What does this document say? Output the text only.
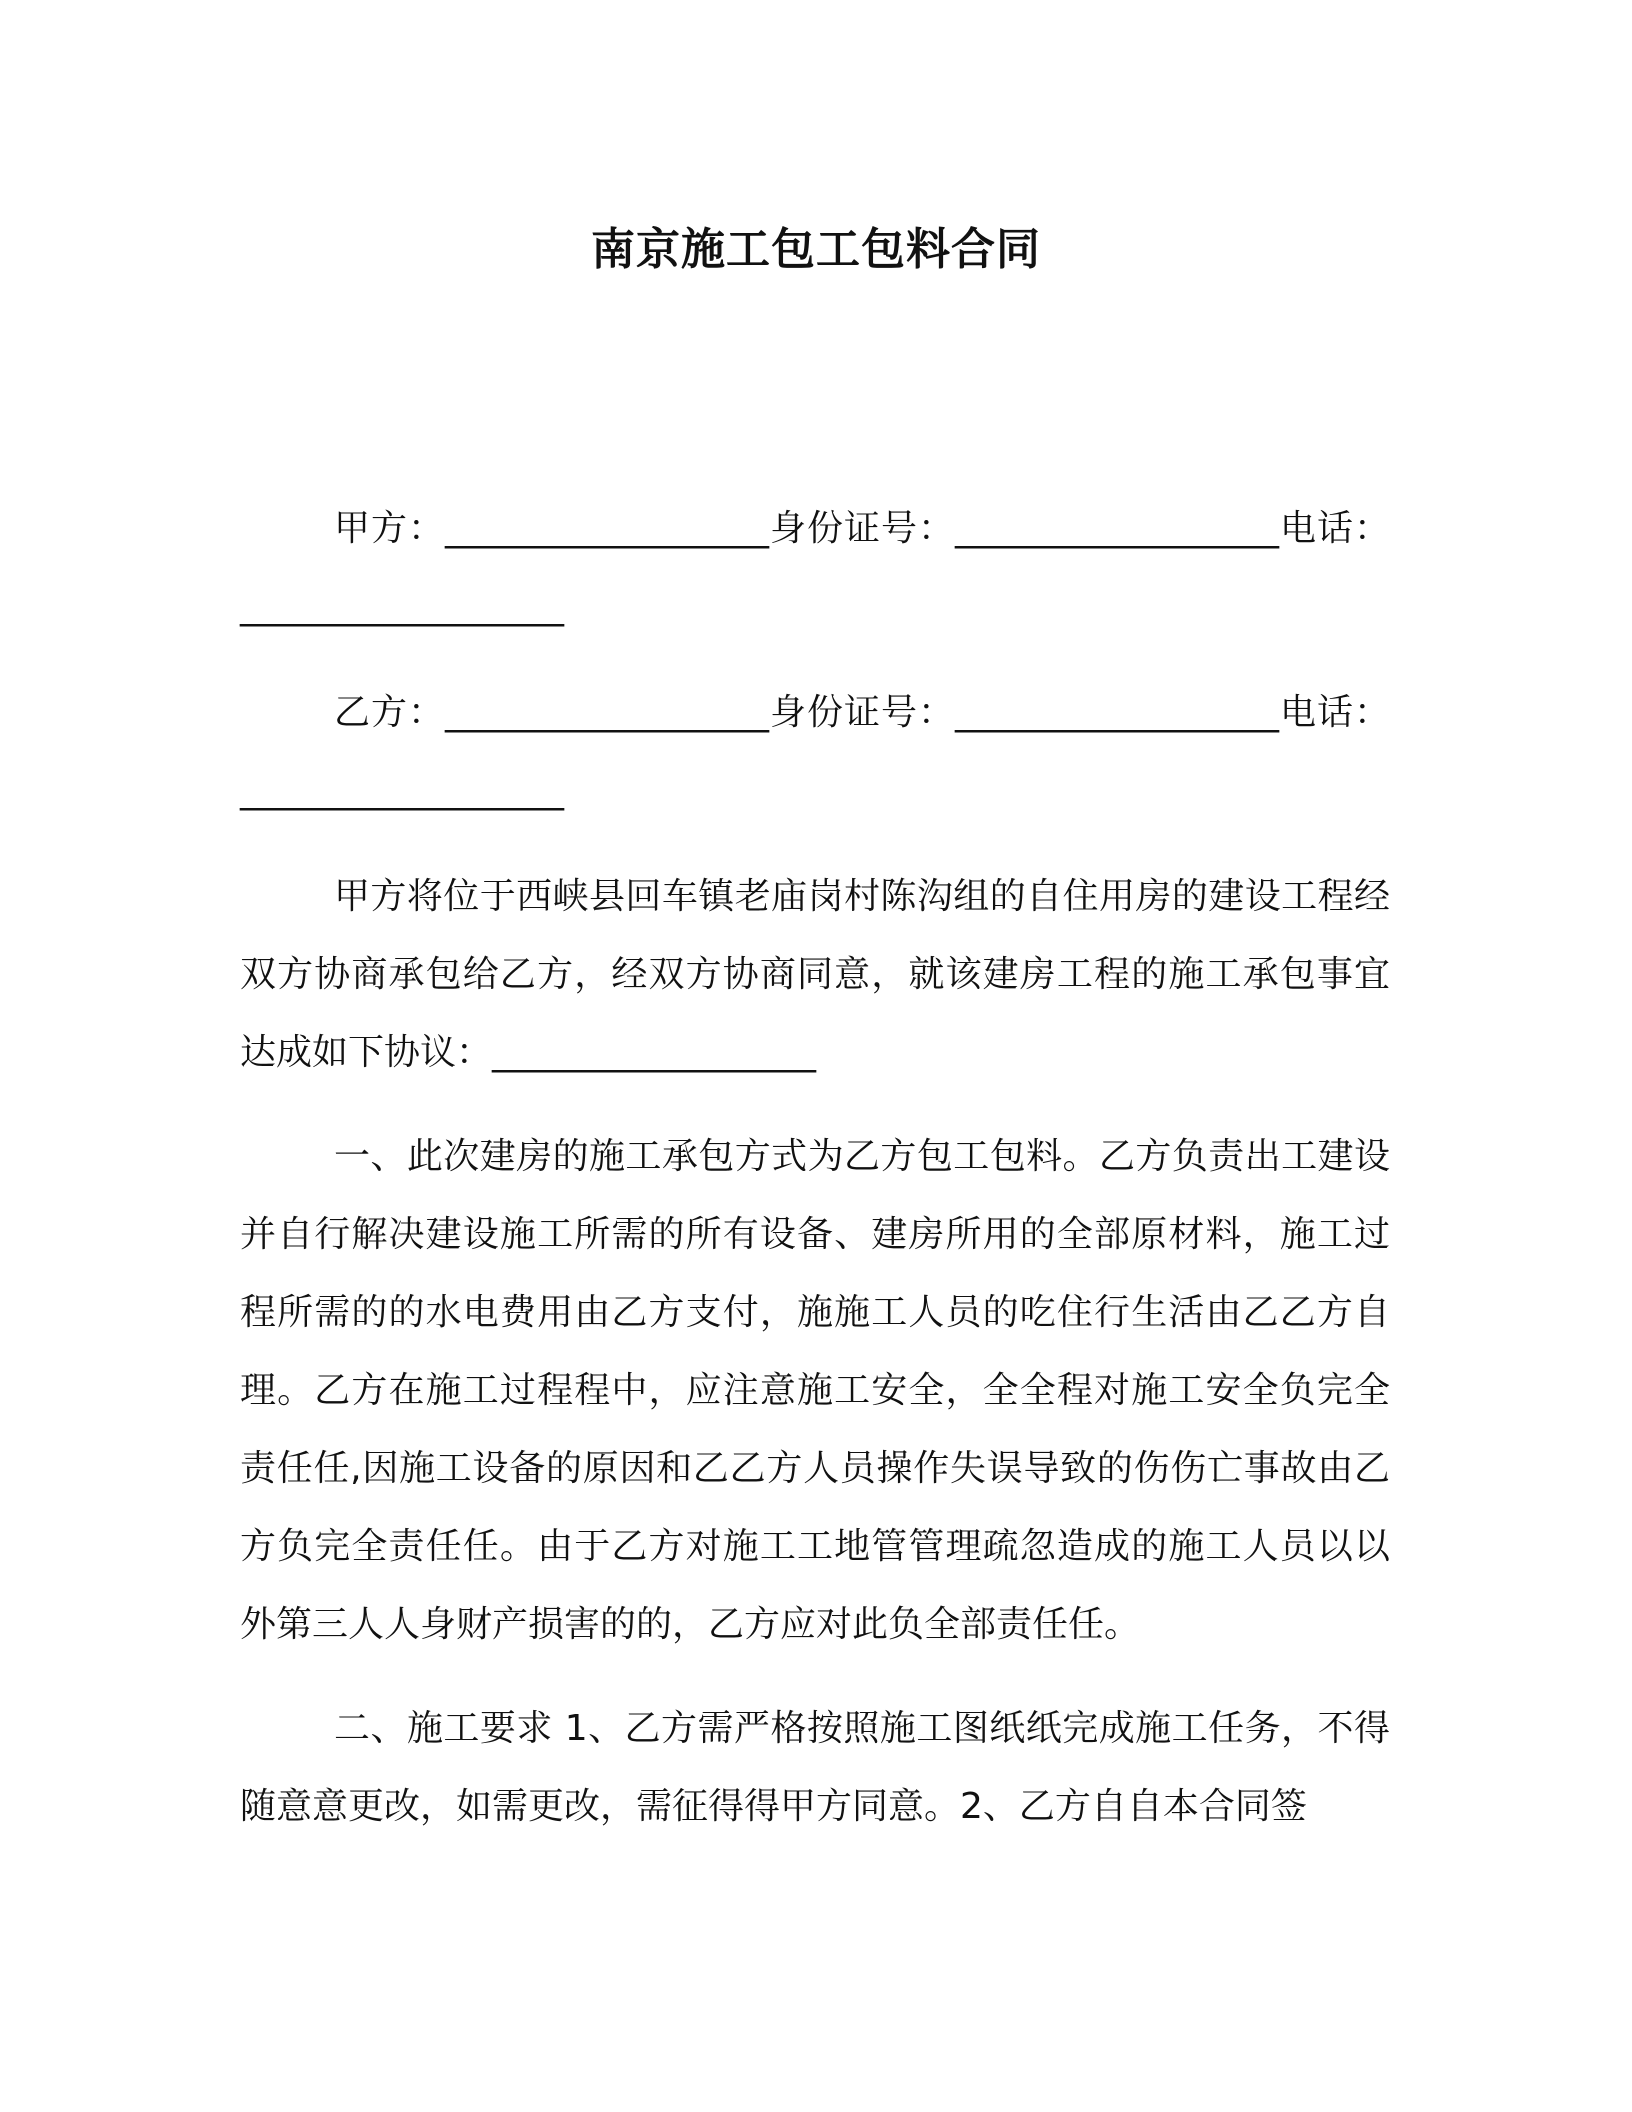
南京施工包工包料合同

甲方：__________________身份证号：__________________电话：__________________

乙方：__________________身份证号：__________________电话：__________________

甲方将位于西峡县回车镇老庙岗村陈沟组的自住用房的建设工程经双方协商承包给乙方，经双方协商同意，就该建房工程的施工承包事宜达成如下协议：__________________

一、此次建房的施工承包方式为乙方包工包料。乙方负责出工建设并自行解决建设施工所需的所有设备、建房所用的全部原材料，施工过程所需的的水电费用由乙方支付，施施工人员的吃住行生活由乙乙方自理。乙方在施工过程程中，应注意施工安全，全全程对施工安全负完全责任任,因施工设备的原因和乙乙方人员操作失误导致的伤伤亡事故由乙方负完全责任任。由于乙方对施工工地管管理疏忽造成的施工人员以以外第三人人身财产损害的的，乙方应对此负全部责任任。

二、施工要求 1、乙方需严格按照施工图纸纸完成施工任务，不得随意意更改，如需更改，需征得得甲方同意。2、乙方自自本合同签
